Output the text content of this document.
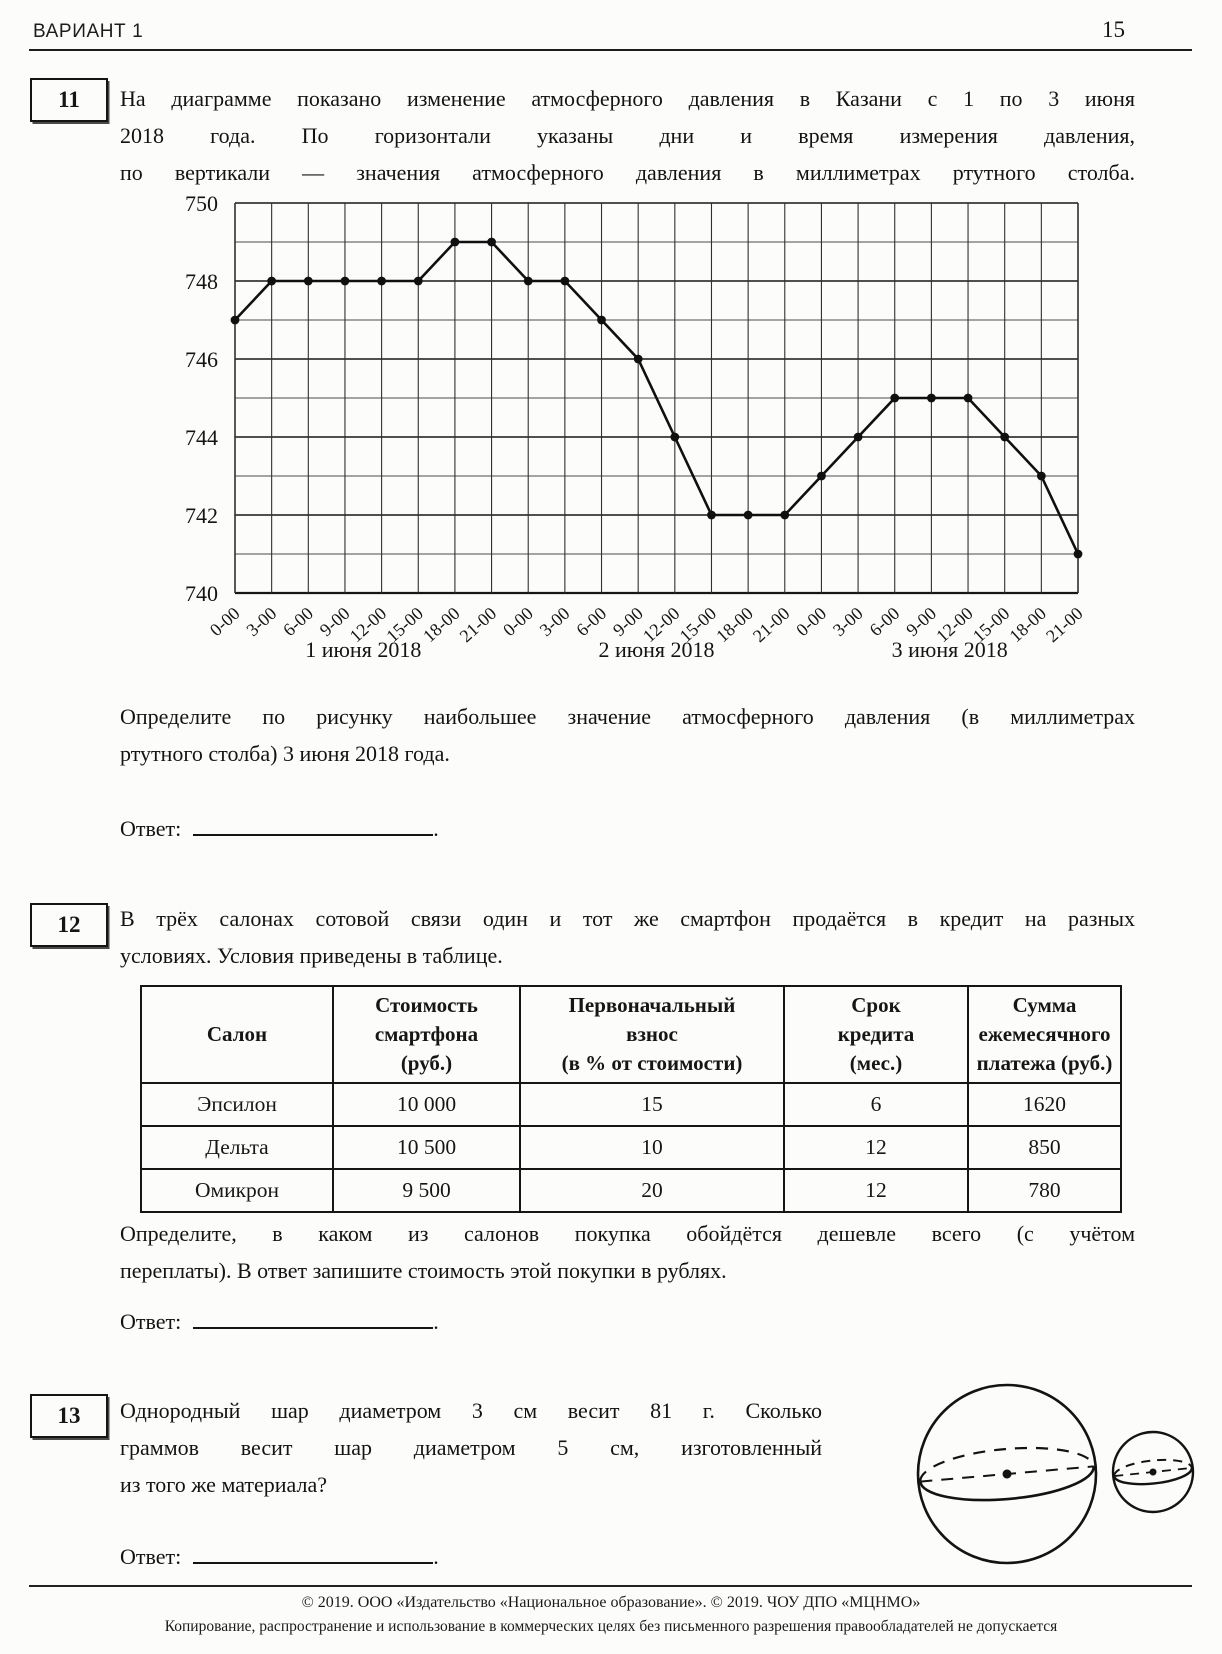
ВАРИАНТ 1	15
11 На диаграмме показано изменение атмосферного давления в Казани с 1 по 3 июня
2018 года. По горизонтали указаны дни и время измерения давления,
по вертикали — значения атмосферного давления в миллиметрах ртутного столба.
740
742
744
746
748
750
0-00
3-00
6-00
9-00
12-00
15-00
18-00
21-00
0-00
3-00
6-00
9-00
12-00
15-00
18-00
21-00
0-00
3-00
6-00
9-00
12-00
15-00
18-00
21-00
1 июня 2018	2 июня 2018	3 июня 2018
Определите по рисунку наибольшее значение атмосферного давления (в миллиметрах
ртутного столба) 3 июня 2018 года.
Ответ:	.
12 В трёх салонах сотовой связи один и тот же смартфон продаётся в кредит на разных
условиях. Условия приведены в таблице.
Салон

Стоимость
смартфона
(руб.)

Первоначальный
взнос
(в % от стоимости)

Срок
кредита
(мес.)

Сумма
ежемесячного
платежа (руб.)

Эпсилон	10 000	15	6	1620
Дельта	10 500	10	12	850
Омикрон	9 500	20	12	780
Определите, в каком из салонов покупка обойдётся дешевле всего (с учётом
переплаты). В ответ запишите стоимость этой покупки в рублях.
Ответ:	.
13 Однородный шар диаметром 3 см весит 81 г. Сколько
граммов весит шар диаметром 5 см, изготовленный
из того же материала?
Ответ:	.
© 2019. ООО «Издательство «Национальное образование». © 2019. ЧОУ ДПО «МЦНМО»
Копирование, распространение и использование в коммерческих целях без письменного разрешения правообладателей не допускается
